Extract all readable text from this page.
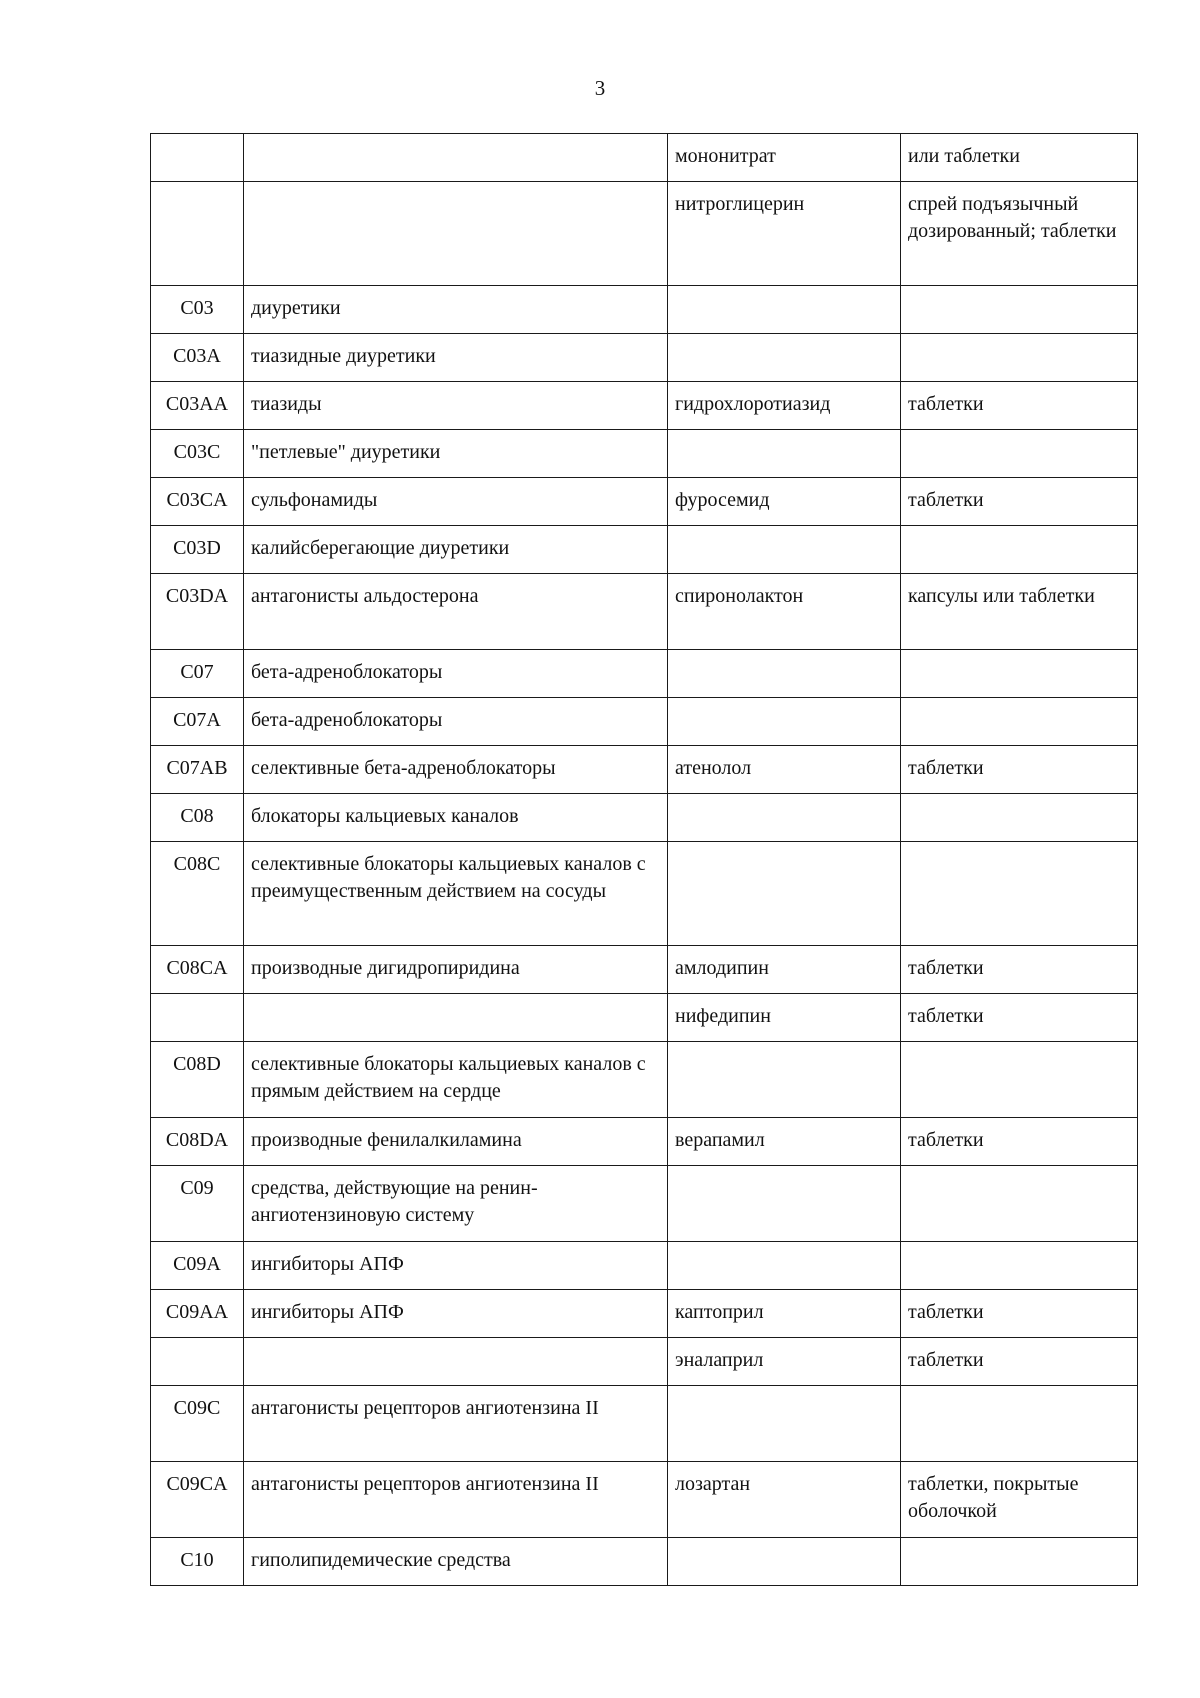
3
		мононитрат	или таблетки
		нитроглицерин	спрей подъязычный дозированный; таблетки
C03	диуретики		
C03A	тиазидные диуретики		
C03AA	тиазиды	гидрохлоротиазид	таблетки
C03C	"петлевые" диуретики		
C03CA	сульфонамиды	фуросемид	таблетки
C03D	калийсберегающие диуретики		
C03DA	антагонисты альдостерона	спиронолактон	капсулы или таблетки
C07	бета-адреноблокаторы		
C07A	бета-адреноблокаторы		
C07AB	селективные бета-адреноблокаторы	атенолол	таблетки
C08	блокаторы кальциевых каналов		
C08C	селективные блокаторы кальциевых каналов с преимущественным действием на сосуды		
C08CA	производные дигидропиридина	амлодипин	таблетки
		нифедипин	таблетки
C08D	селективные блокаторы кальциевых каналов с прямым действием на сердце		
C08DA	производные фенилалкиламина	верапамил	таблетки
C09	средства, действующие на ренин-ангиотензиновую систему		
C09A	ингибиторы АПФ		
C09AA	ингибиторы АПФ	каптоприл	таблетки
		эналаприл	таблетки
C09C	антагонисты рецепторов ангиотензина II		
C09CA	антагонисты рецепторов ангиотензина II	лозартан	таблетки, покрытые оболочкой
C10	гиполипидемические средства		
